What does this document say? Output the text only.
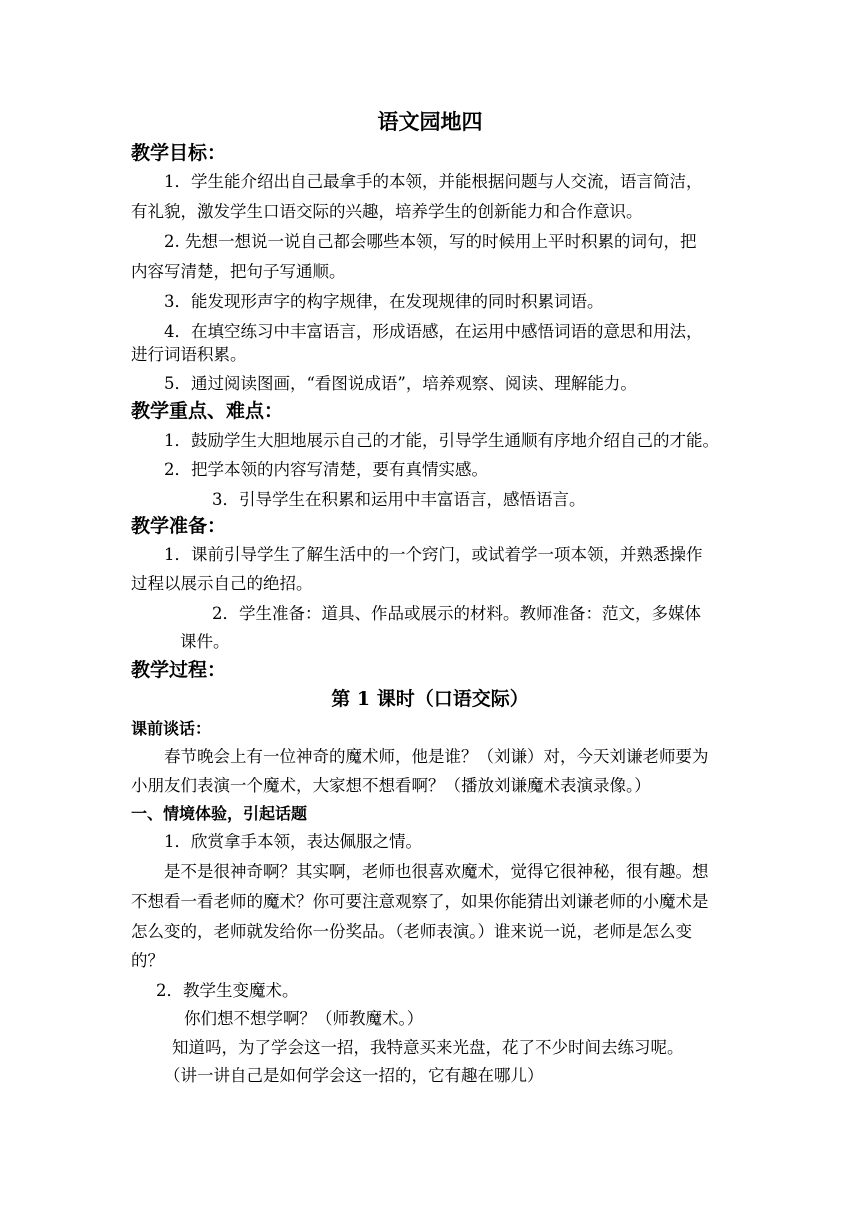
语文园地四
教学目标：
1．学生能介绍出自己最拿手的本领，并能根据问题与人交流，语言简洁，
有礼貌，激发学生口语交际的兴趣，培养学生的创新能力和合作意识。
2. 先想一想说一说自己都会哪些本领，写的时候用上平时积累的词句，把
内容写清楚，把句子写通顺。
3．能发现形声字的构字规律，在发现规律的同时积累词语。
4．在填空练习中丰富语言，形成语感，在运用中感悟词语的意思和用法，
进行词语积累。
5．通过阅读图画，“看图说成语”，培养观察、阅读、理解能力。
教学重点、难点：
1．鼓励学生大胆地展示自己的才能，引导学生通顺有序地介绍自己的才能。
2．把学本领的内容写清楚，要有真情实感。
3．引导学生在积累和运用中丰富语言，感悟语言。
教学准备：
1．课前引导学生了解生活中的一个窍门，或试着学一项本领，并熟悉操作
过程以展示自己的绝招。
2．学生准备：道具、作品或展示的材料。教师准备：范文，多媒体
课件。
教学过程：
第 1 课时（口语交际）
课前谈话：
春节晚会上有一位神奇的魔术师，他是谁？（刘谦）对，今天刘谦老师要为
小朋友们表演一个魔术，大家想不想看啊？（播放刘谦魔术表演录像。）
一、情境体验，引起话题
1．欣赏拿手本领，表达佩服之情。
是不是很神奇啊？其实啊，老师也很喜欢魔术，觉得它很神秘，很有趣。想
不想看一看老师的魔术？你可要注意观察了，如果你能猜出刘谦老师的小魔术是
怎么变的，老师就发给你一份奖品。（老师表演。）谁来说一说，老师是怎么变
的？
2．教学生变魔术。
你们想不想学啊？（师教魔术。）
知道吗，为了学会这一招，我特意买来光盘，花了不少时间去练习呢。
（讲一讲自己是如何学会这一招的，它有趣在哪儿）
